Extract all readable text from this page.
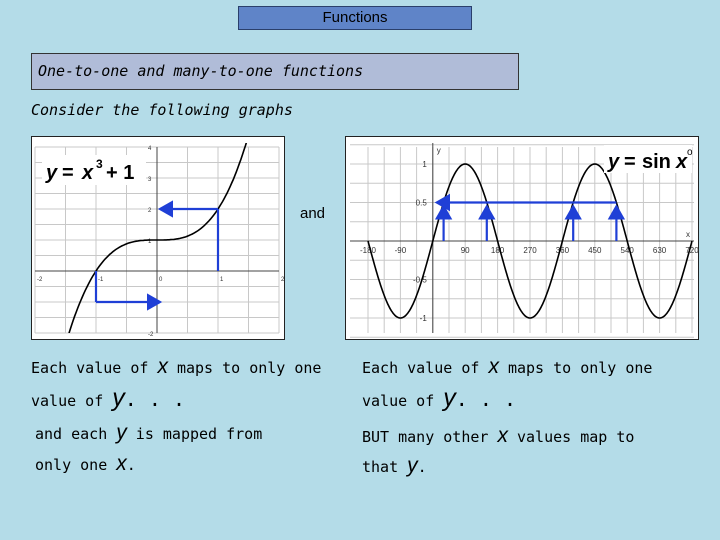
Functions
One-to-one and many-to-one functions
Consider the following graphs
-2	-1	0	1	2
4
3
2
1
-1
-2
y = x 3 + 1
and
y
x
-180 -90	90	180 270 360 450 540 630 720
1
0.5
-0.5
-1
y = sin x o
Each value of x maps to only one
value of y. . .
and each y is mapped from
only one x.
Each value of x maps to only one
value of y. . .
BUT many other x values map to
that y.
